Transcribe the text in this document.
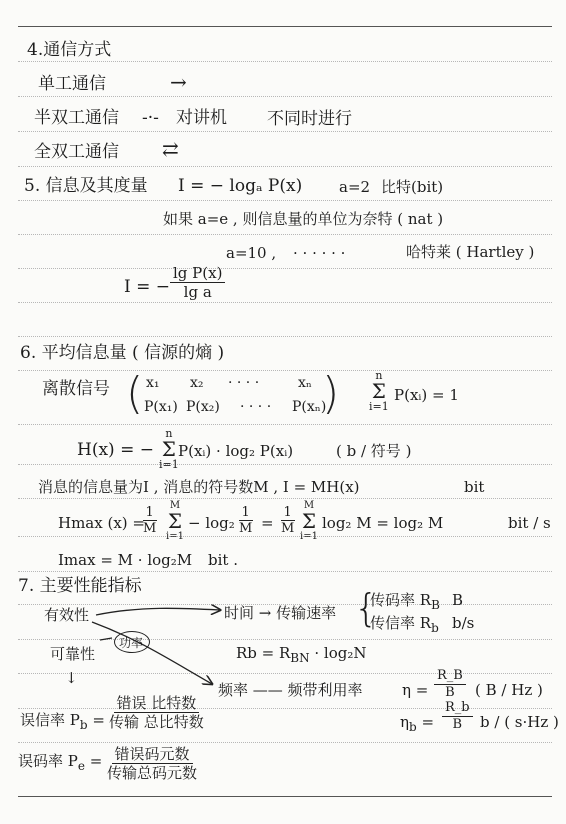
4.通信方式
单工通信	→
半双工通信 -·- 对讲机 不同时进行
全双工通信 ⇄
5. 信息及其度量 I = − logₐ P(x) a=2 比特(bit)
如果 a=e , 则信息量的单位为奈特 ( nat )
a=10 , · · · · · ·	哈特莱 ( Hartley )
I = − $\frac{\text{lg P(x)}}{\text{lg a}}$
6. 平均信息量 ( 信源的熵 )
离散信号 ( x₁ x₂ · · · ·	xₙ
P(x₁) P(x₂) · · · · P(xₙ)
)	n
Σ
i=1
P(xᵢ) = 1
H(x) = −
n
Σ
i=1
P(xᵢ) · log₂ P(xᵢ)	( b / 符号 )
消息的信息量为I , 消息的符号数M , I = MH(x)	bit
Hmax (x) =
$\frac{1}{M}$ M
Σ
i=1
− $\log_2 \frac{1}{M} = \frac{1}{M}$ M
Σ
i=1
log₂ M = log₂ M	bit / s
Imax = M · log₂M bit .
7. 主要性能指标
有效性	时间 → 传输速率 {
传码率 $R_B$ B
传信率 $R_b$ b/s
功率
可靠性
↓
$Rb = R_{BN} \cdot \log_2N$
频率 —— 频带利用率	$\eta = \frac{R\_B}{B}$ ( B / Hz )
$\eta_b = \frac{R\_b}{B}$ b / ( s·Hz )
误信率 $P_b$ =
错误 比特数
传输 总比特数
误码率 $P_e$ = 错误码元数
传输总码元数
